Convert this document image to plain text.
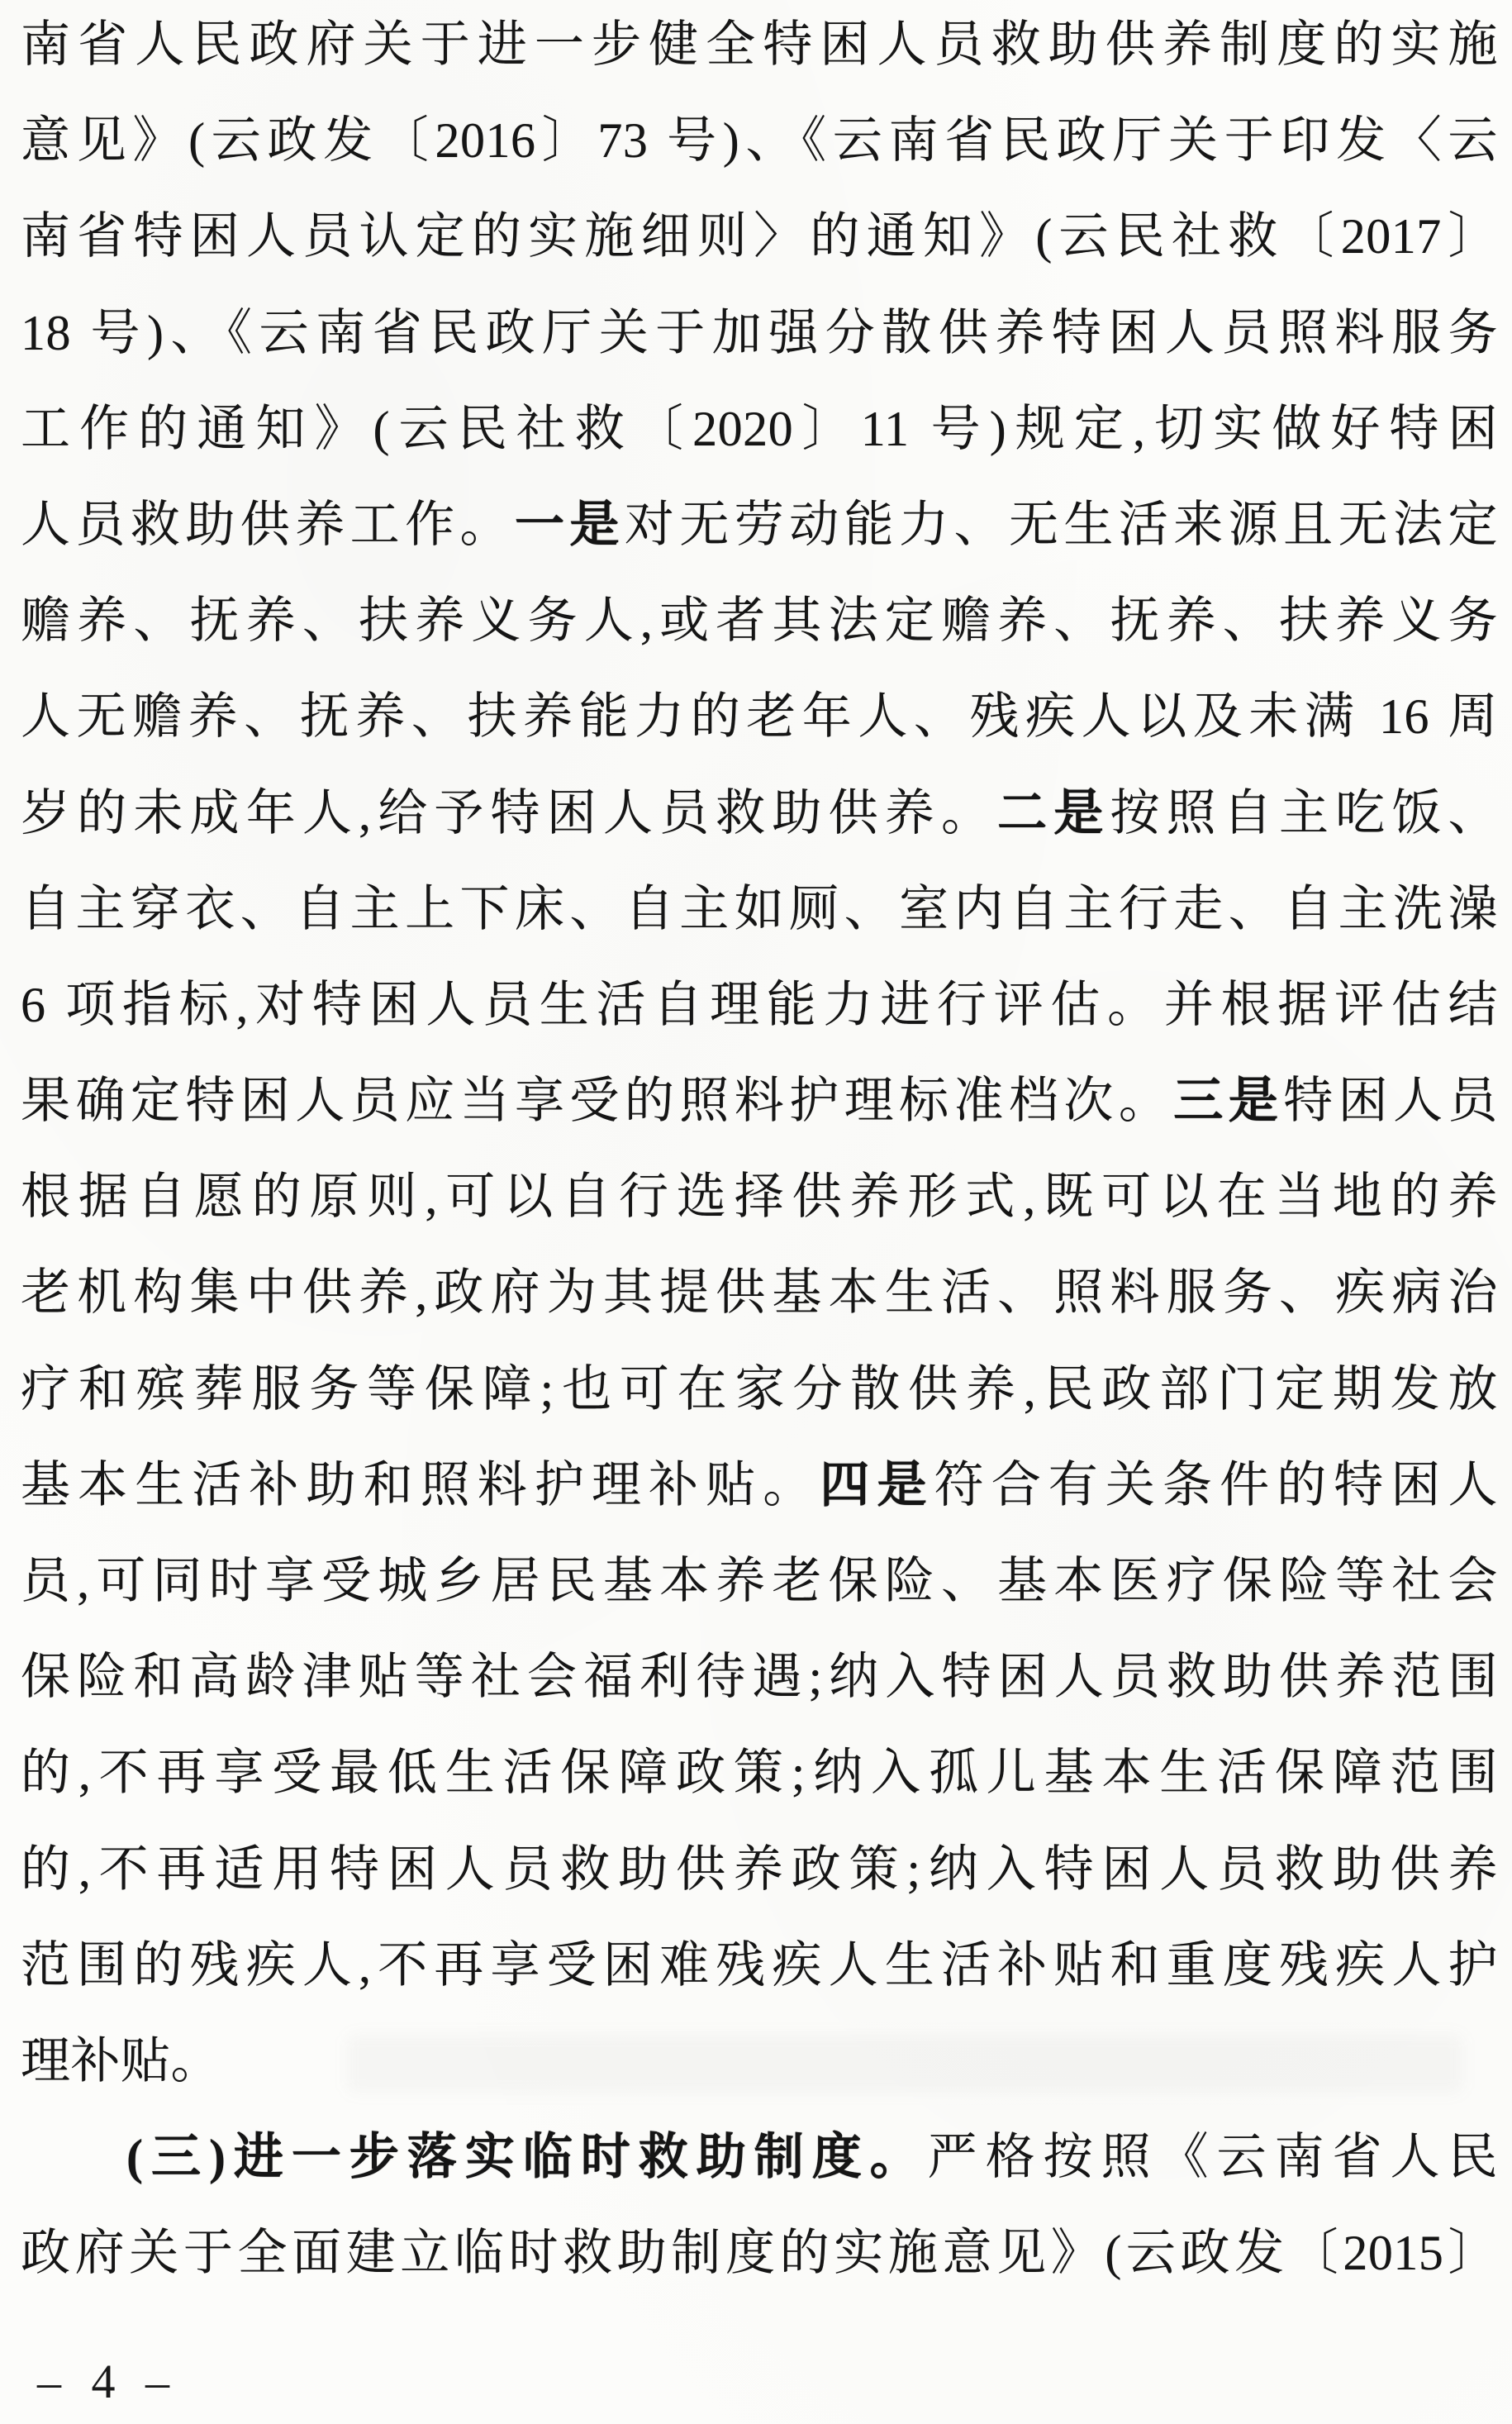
南省人民政府关于进一步健全特困人员救助供养制度的实施
意见》(云政发〔2016〕73 号)、《云南省民政厅关于印发〈云
南省特困人员认定的实施细则〉的通知》(云民社救〔2017〕
18 号)、《云南省民政厅关于加强分散供养特困人员照料服务
工作的通知》(云民社救〔2020〕11 号)规定,切实做好特困
人员救助供养工作。一是对无劳动能力、无生活来源且无法定
赡养、抚养、扶养义务人,或者其法定赡养、抚养、扶养义务
人无赡养、抚养、扶养能力的老年人、残疾人以及未满 16 周
岁的未成年人,给予特困人员救助供养。二是按照自主吃饭、
自主穿衣、自主上下床、自主如厕、室内自主行走、自主洗澡
6 项指标,对特困人员生活自理能力进行评估。并根据评估结
果确定特困人员应当享受的照料护理标准档次。三是特困人员
根据自愿的原则,可以自行选择供养形式,既可以在当地的养
老机构集中供养,政府为其提供基本生活、照料服务、疾病治
疗和殡葬服务等保障;也可在家分散供养,民政部门定期发放
基本生活补助和照料护理补贴。四是符合有关条件的特困人
员,可同时享受城乡居民基本养老保险、基本医疗保险等社会
保险和高龄津贴等社会福利待遇;纳入特困人员救助供养范围
的,不再享受最低生活保障政策;纳入孤儿基本生活保障范围
的,不再适用特困人员救助供养政策;纳入特困人员救助供养
范围的残疾人,不再享受困难残疾人生活补贴和重度残疾人护
理补贴。
(三)进一步落实临时救助制度。严格按照《云南省人民
政府关于全面建立临时救助制度的实施意见》(云政发〔2015〕
– 4 –
